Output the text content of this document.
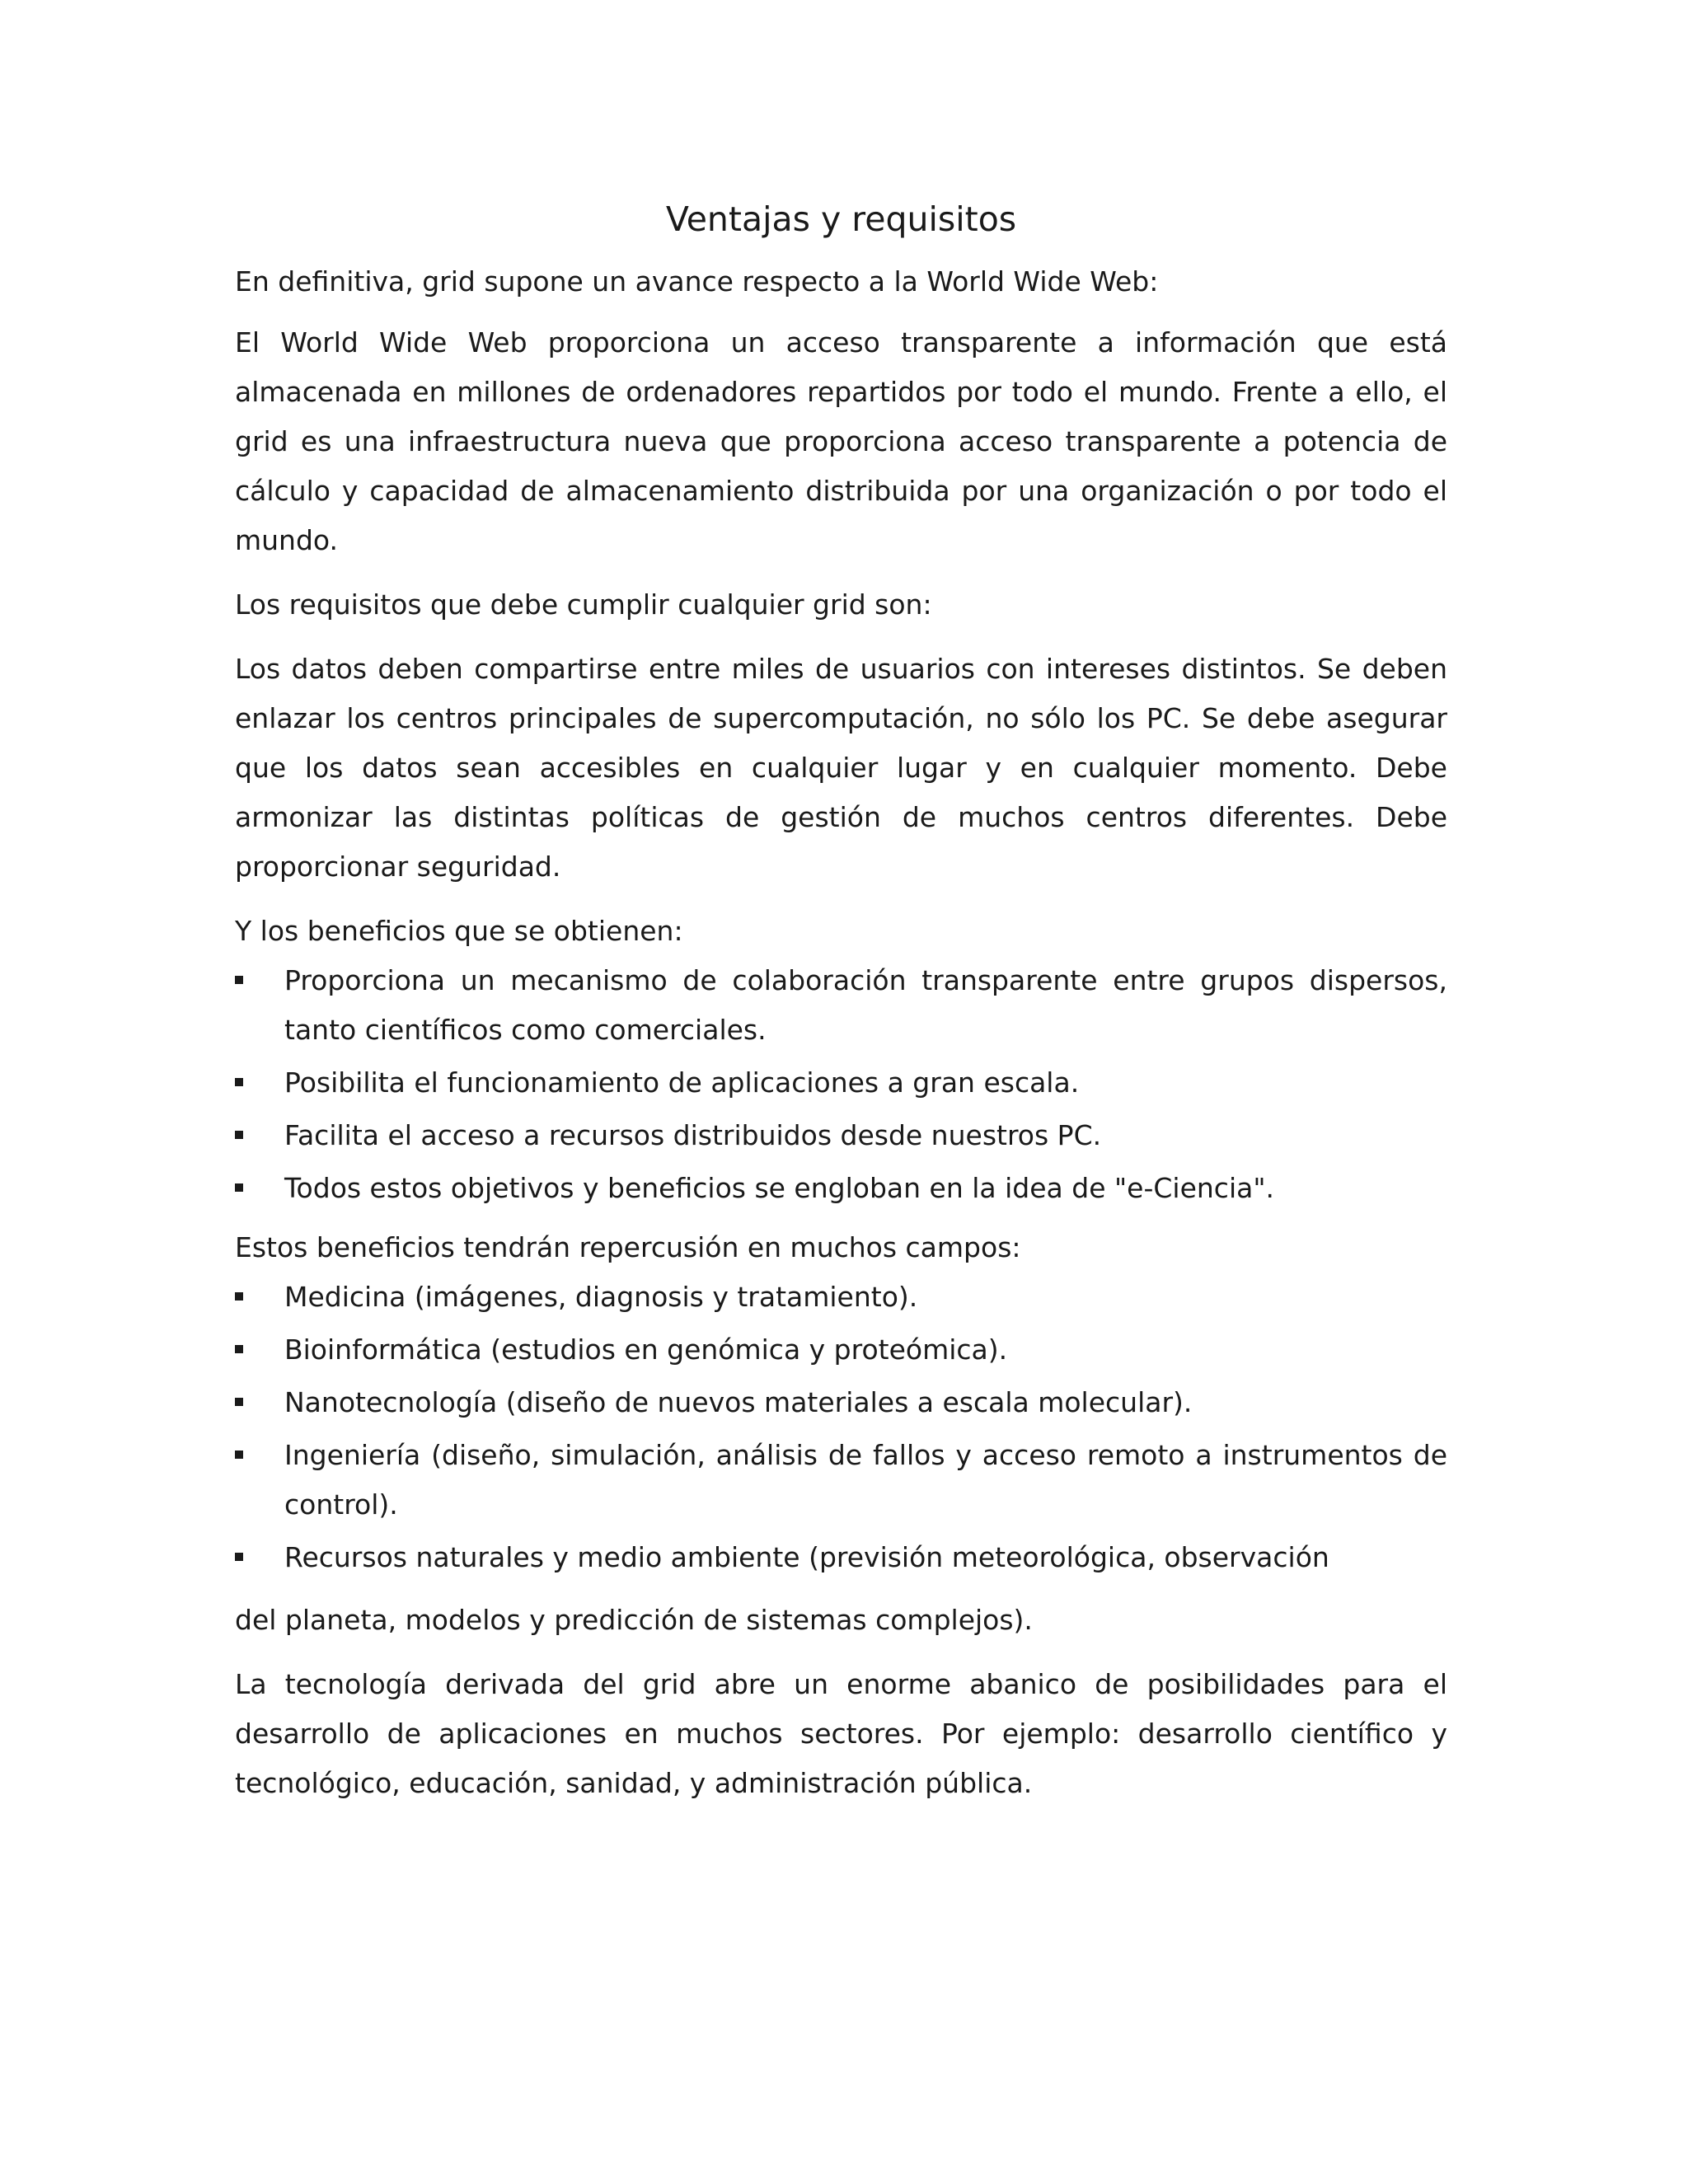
Ventajas y requisitos

En definitiva, grid supone un avance respecto a la World Wide Web:

El World Wide Web proporciona un acceso transparente a información que está almacenada en millones de ordenadores repartidos por todo el mundo. Frente a ello, el grid es una infraestructura nueva que proporciona acceso transparente a potencia de cálculo y capacidad de almacenamiento distribuida por una organización o por todo el mundo.

Los requisitos que debe cumplir cualquier grid son:

Los datos deben compartirse entre miles de usuarios con intereses distintos. Se deben enlazar los centros principales de supercomputación, no sólo los PC. Se debe asegurar que los datos sean accesibles en cualquier lugar y en cualquier momento. Debe armonizar las distintas políticas de gestión de muchos centros diferentes. Debe proporcionar seguridad.

Y los beneficios que se obtienen:

Proporciona un mecanismo de colaboración transparente entre grupos dispersos, tanto científicos como comerciales.
Posibilita el funcionamiento de aplicaciones a gran escala.
Facilita el acceso a recursos distribuidos desde nuestros PC.
Todos estos objetivos y beneficios se engloban en la idea de "e-Ciencia".

Estos beneficios tendrán repercusión en muchos campos:

Medicina (imágenes, diagnosis y tratamiento).
Bioinformática (estudios en genómica y proteómica).
Nanotecnología (diseño de nuevos materiales a escala molecular).
Ingeniería (diseño, simulación, análisis de fallos y acceso remoto a instrumentos de control).
Recursos naturales y medio ambiente (previsión meteorológica, observación

del planeta, modelos y predicción de sistemas complejos).

La tecnología derivada del grid abre un enorme abanico de posibilidades para el desarrollo de aplicaciones en muchos sectores. Por ejemplo: desarrollo científico y tecnológico, educación, sanidad, y administración pública.
